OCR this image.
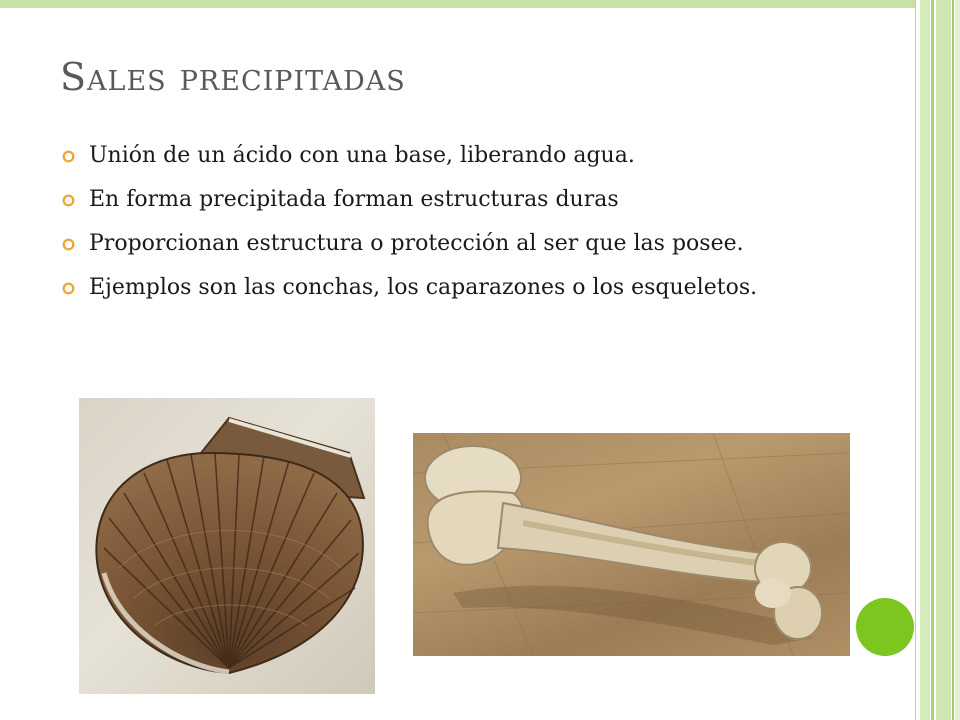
Sales precipitadas
Unión de un ácido con una base, liberando agua.
En forma precipitada forman estructuras duras
Proporcionan estructura o protección al ser que las posee.
Ejemplos son las conchas, los caparazones o los esqueletos.
